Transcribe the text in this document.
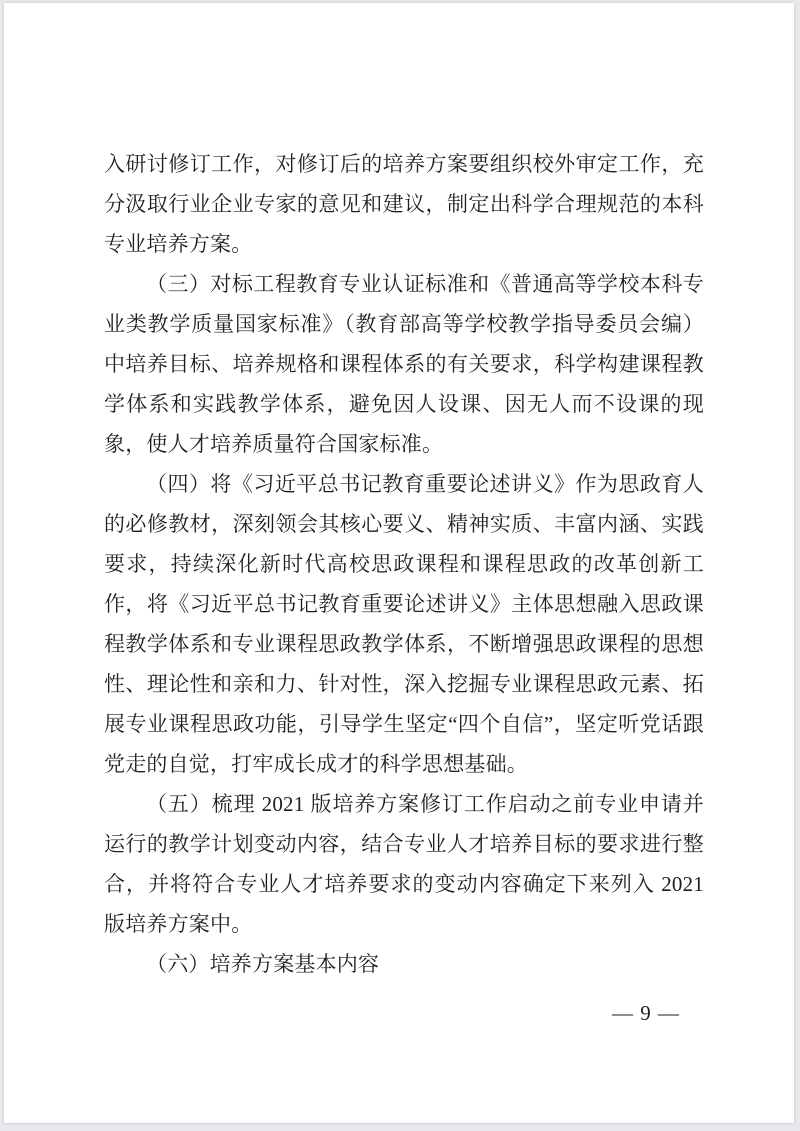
入研讨修订工作，对修订后的培养方案要组织校外审定工作，充分汲取行业企业专家的意见和建议，制定出科学合理规范的本科专业培养方案。

（三）对标工程教育专业认证标准和《普通高等学校本科专业类教学质量国家标准》（教育部高等学校教学指导委员会编）中培养目标、培养规格和课程体系的有关要求，科学构建课程教学体系和实践教学体系，避免因人设课、因无人而不设课的现象，使人才培养质量符合国家标准。

（四）将《习近平总书记教育重要论述讲义》作为思政育人的必修教材，深刻领会其核心要义、精神实质、丰富内涵、实践要求，持续深化新时代高校思政课程和课程思政的改革创新工作，将《习近平总书记教育重要论述讲义》主体思想融入思政课程教学体系和专业课程思政教学体系，不断增强思政课程的思想性、理论性和亲和力、针对性，深入挖掘专业课程思政元素、拓展专业课程思政功能，引导学生坚定“四个自信”，坚定听党话跟党走的自觉，打牢成长成才的科学思想基础。

（五）梳理 2021 版培养方案修订工作启动之前专业申请并运行的教学计划变动内容，结合专业人才培养目标的要求进行整合，并将符合专业人才培养要求的变动内容确定下来列入 2021 版培养方案中。

（六）培养方案基本内容

— 9 —
